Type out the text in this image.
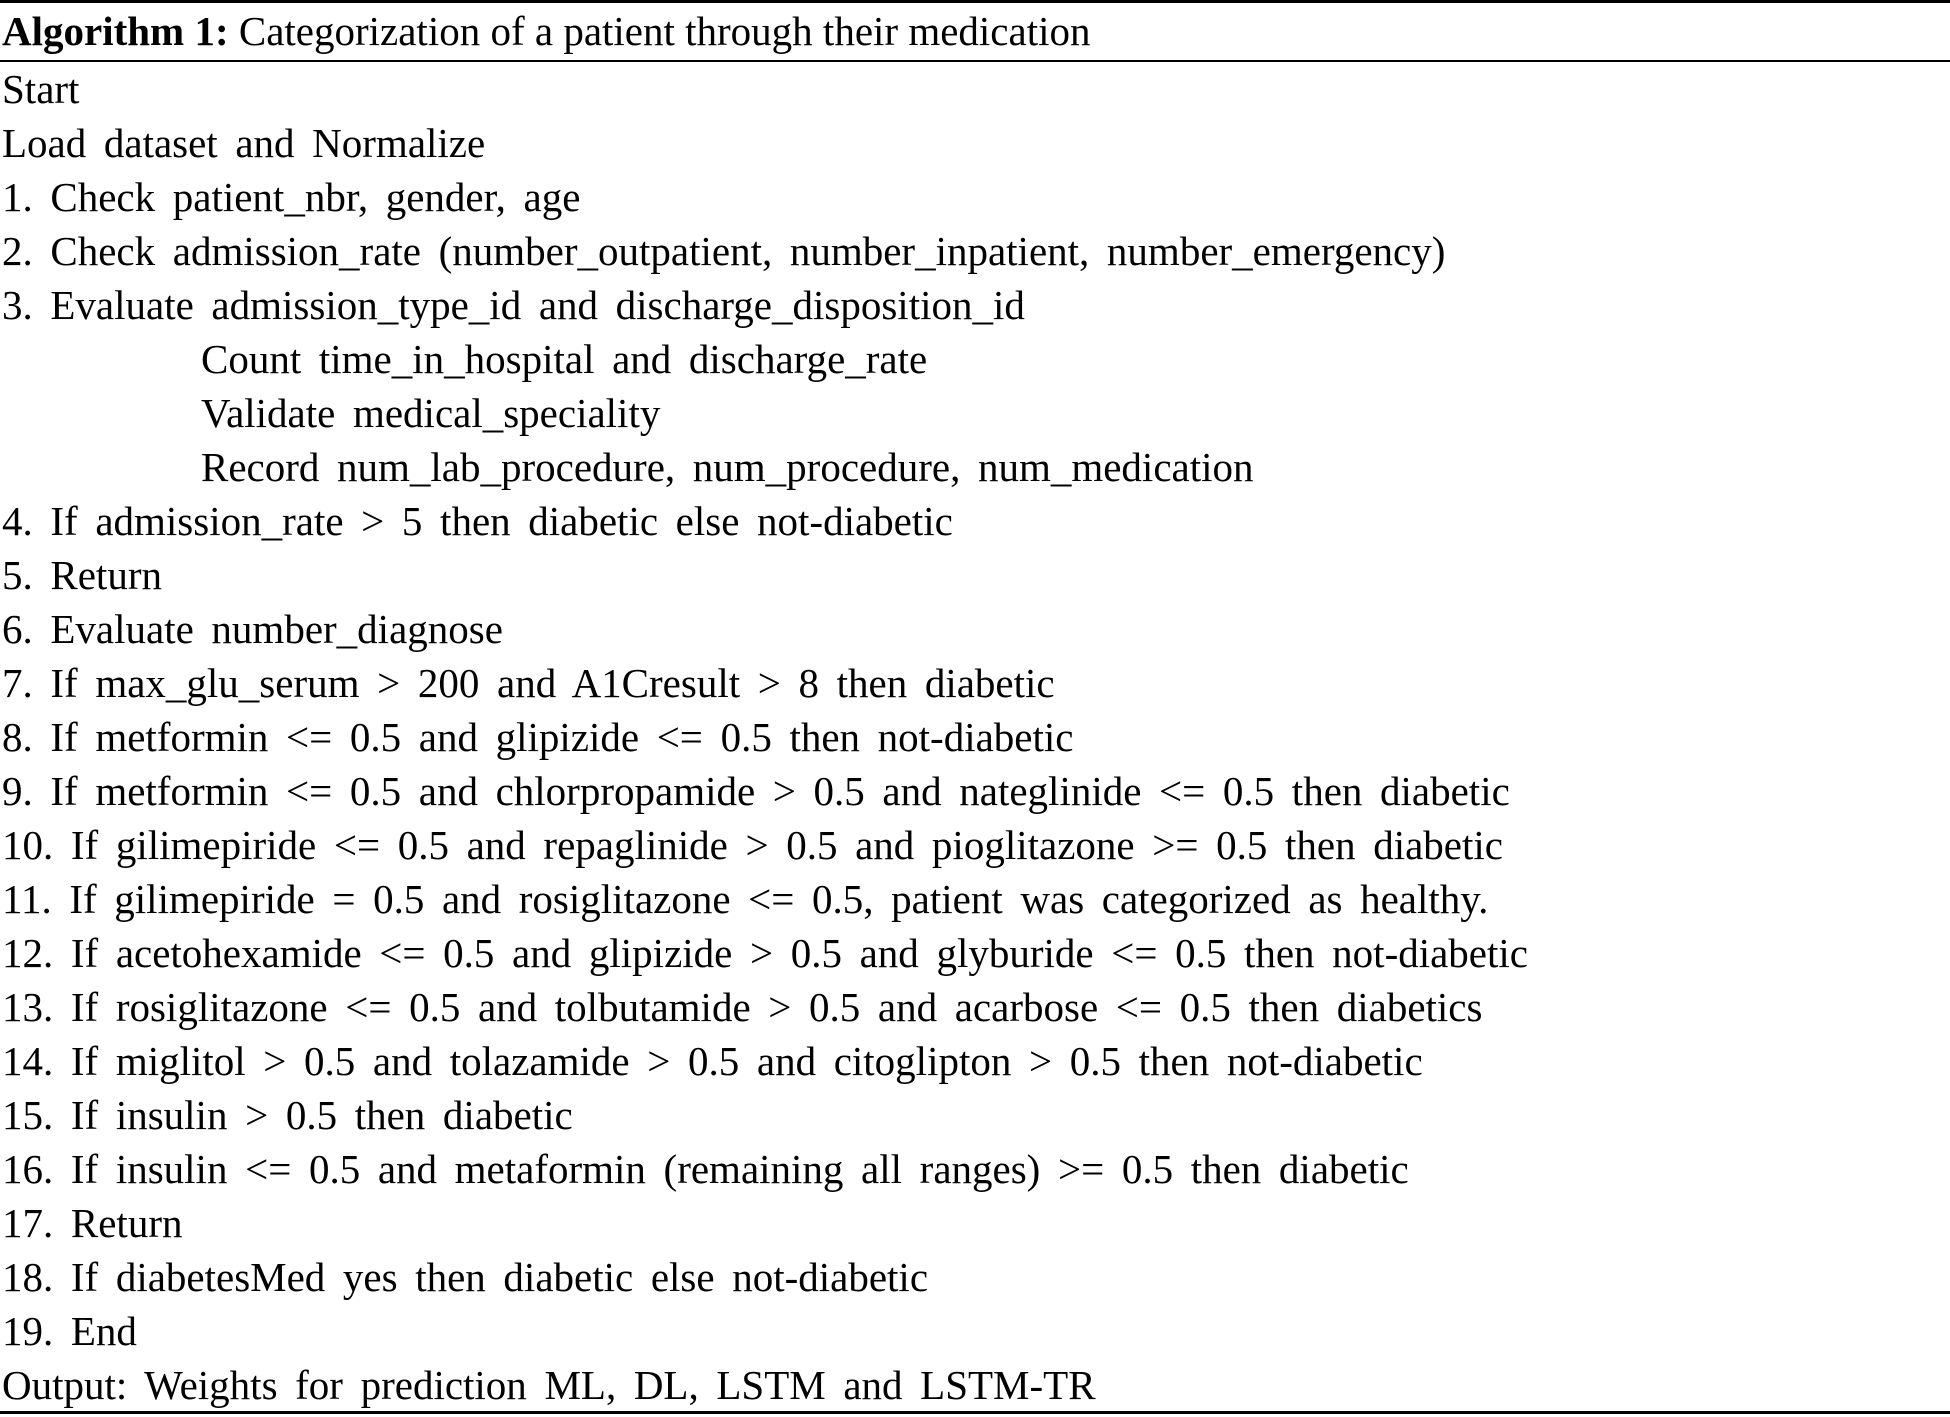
Algorithm 1: Categorization of a patient through their medication
Start
Load dataset and Normalize
1. Check patient_nbr, gender, age
2. Check admission_rate (number_outpatient, number_inpatient, number_emergency)
3. Evaluate admission_type_id and discharge_disposition_id
Count time_in_hospital and discharge_rate
Validate medical_speciality
Record num_lab_procedure, num_procedure, num_medication
4. If admission_rate > 5 then diabetic else not-diabetic
5. Return
6. Evaluate number_diagnose
7. If max_glu_serum > 200 and A1Cresult > 8 then diabetic
8. If metformin <= 0.5 and glipizide <= 0.5 then not-diabetic
9. If metformin <= 0.5 and chlorpropamide > 0.5 and nateglinide <= 0.5 then diabetic
10. If gilimepiride <= 0.5 and repaglinide > 0.5 and pioglitazone >= 0.5 then diabetic
11. If gilimepiride = 0.5 and rosiglitazone <= 0.5, patient was categorized as healthy.
12. If acetohexamide <= 0.5 and glipizide > 0.5 and glyburide <= 0.5 then not-diabetic
13. If rosiglitazone <= 0.5 and tolbutamide > 0.5 and acarbose <= 0.5 then diabetics
14. If miglitol > 0.5 and tolazamide > 0.5 and citoglipton > 0.5 then not-diabetic
15. If insulin > 0.5 then diabetic
16. If insulin <= 0.5 and metaformin (remaining all ranges) >= 0.5 then diabetic
17. Return
18. If diabetesMed yes then diabetic else not-diabetic
19. End
Output: Weights for prediction ML, DL, LSTM and LSTM-TR
